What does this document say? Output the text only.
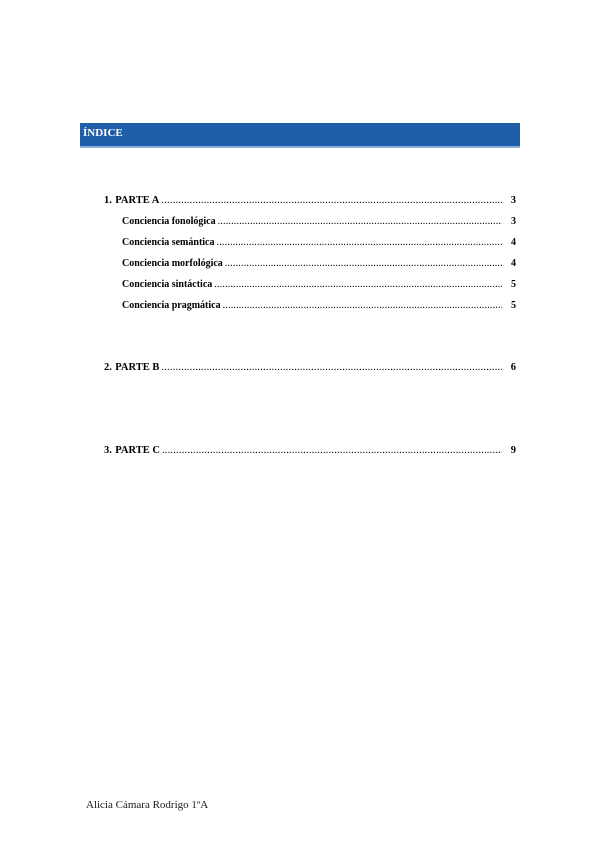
ÍNDICE
1. PARTE A .....	3
Conciencia fonológica .....	3
Conciencia semántica .....	4
Conciencia morfológica .....	4
Conciencia sintáctica .....	5
Conciencia pragmática .....	5
2. PARTE B .....	6
3. PARTE C .....	9
Alicia Cámara Rodrigo 1ºA
